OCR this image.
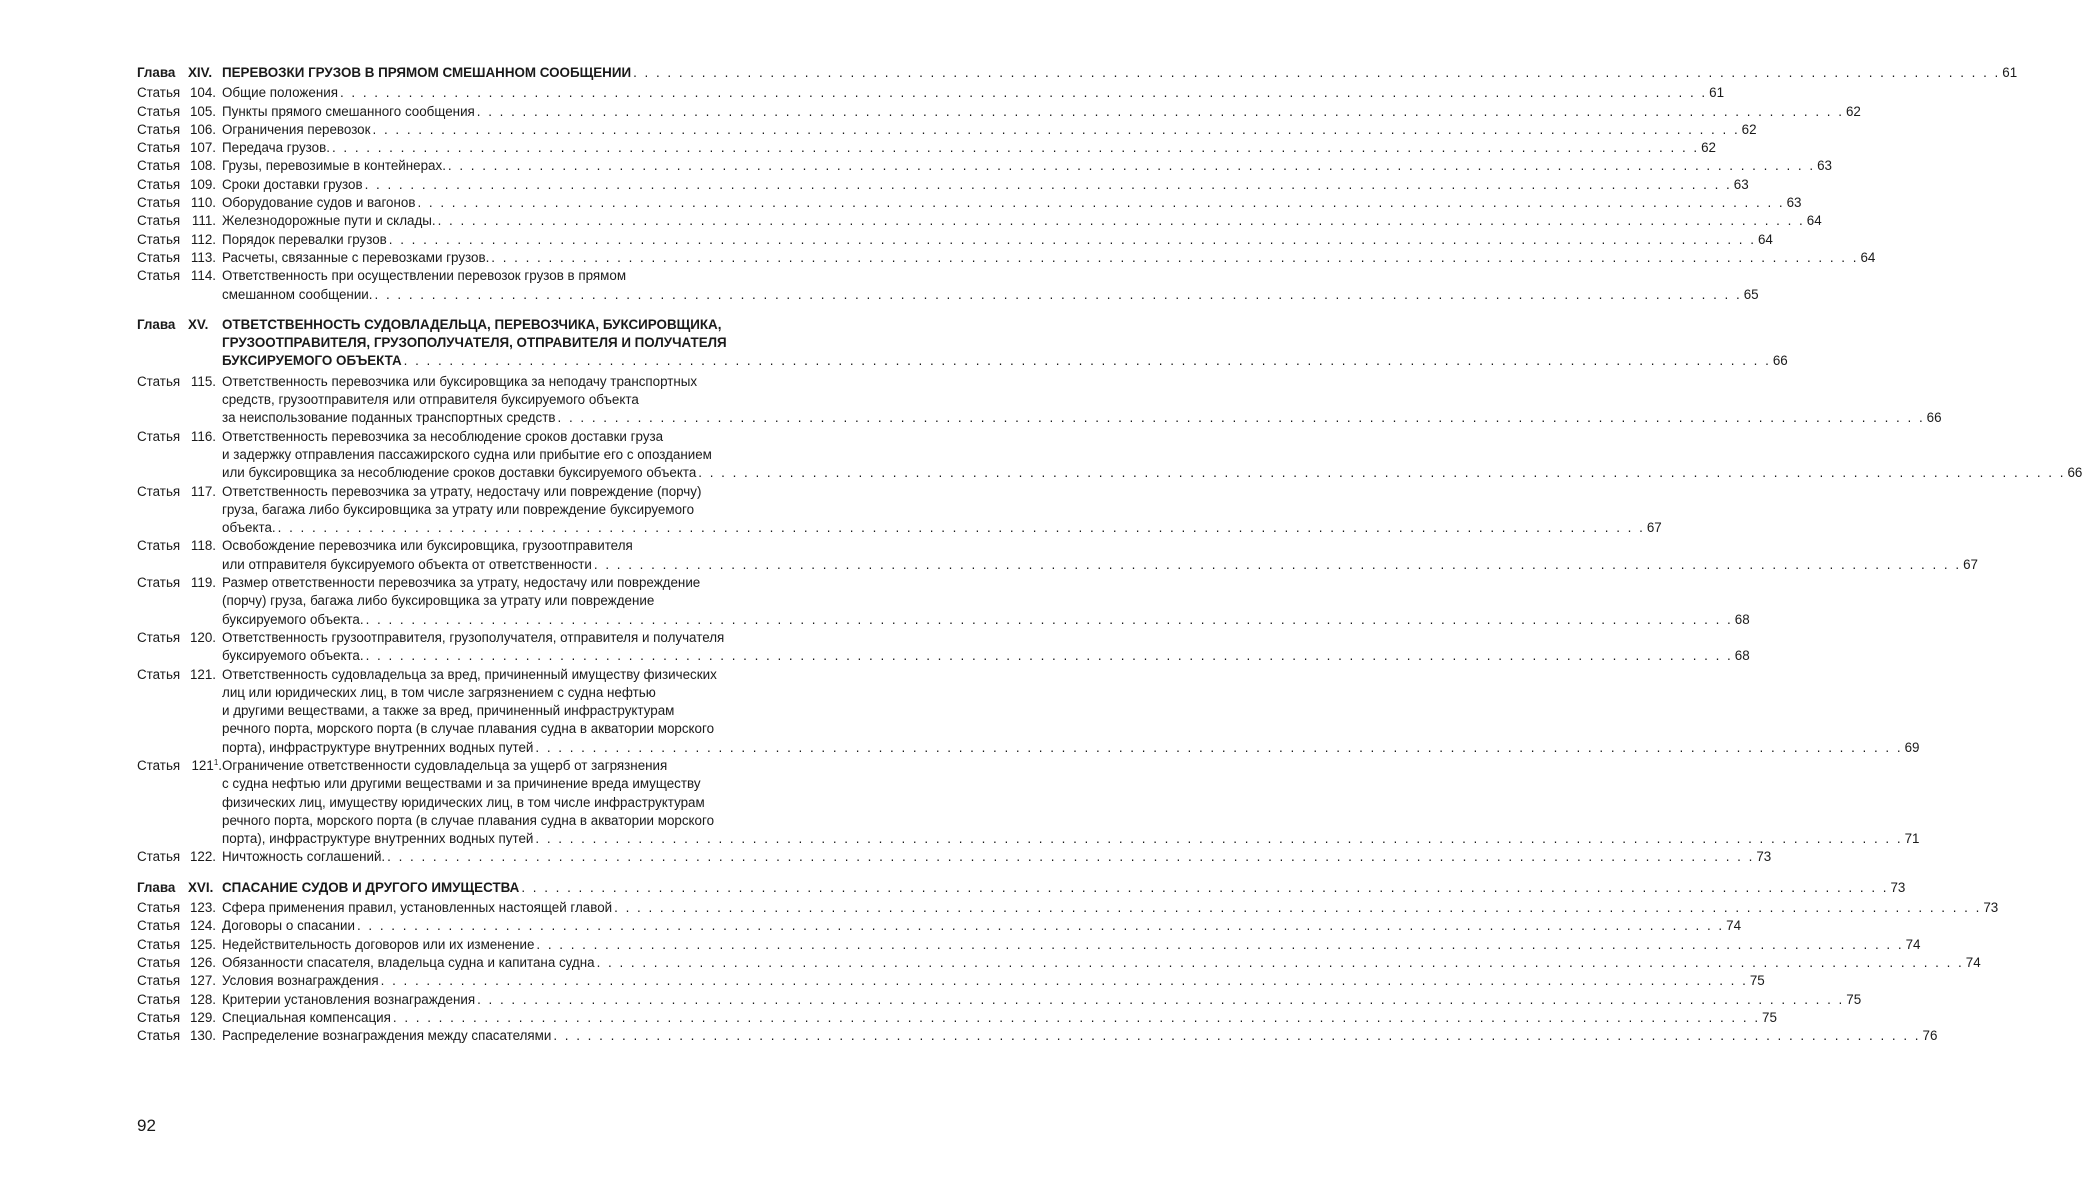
Глава XIV. ПЕРЕВОЗКИ ГРУЗОВ В ПРЯМОМ СМЕШАННОМ СООБЩЕНИИ . . . . . . . . . . . . . . . . . . . . . . . . . . . . . . . . . . . . . . . . . . . . . . . . . . . . . . . . . . . . . . . . . . . . . . . . . . . . . . . . . . . . . . . . . . . . . . . . . . . . . . . . . . . . . . . . . . . . . . . . 61
Статья 104. Общие положения . . . . . . . . . . . . . . . . . . . . . . . . . . . . . . . . . . . . . . . . . . . . . . . . . . . . . . . . . . . . . . . . . . . . . . . . . . . . . . . . . . . . . . . . . . . . . . . . . . . . . . . . . . . . . . . . . . . . . . . . 61
Статья 105. Пункты прямого смешанного сообщения . . . . . . . . . . . . . . . . . . . . . . . . . . . . . . . . . . . . . . . . . . . . . . . . . . . . . . . . . . . . . . . . . . . . . . . . . . . . . . . . . . . . . . . . . . . . . . . . . . . . . . . . . . . . . . . . . . . . . . . . 62
Статья 106. Ограничения перевозок . . . . . . . . . . . . . . . . . . . . . . . . . . . . . . . . . . . . . . . . . . . . . . . . . . . . . . . . . . . . . . . . . . . . . . . . . . . . . . . . . . . . . . . . . . . . . . . . . . . . . . . . . . . . . . . . . . . . . . . . 62
Статья 107. Передача грузов. . . . . . . . . . . . . . . . . . . . . . . . . . . . . . . . . . . . . . . . . . . . . . . . . . . . . . . . . . . . . . . . . . . . . . . . . . . . . . . . . . . . . . . . . . . . . . . . . . . . . . . . . . . . . . . . . . . . . . . . . 62
Статья 108. Грузы, перевозимые в контейнерах. . . . . . . . . . . . . . . . . . . . . . . . . . . . . . . . . . . . . . . . . . . . . . . . . . . . . . . . . . . . . . . . . . . . . . . . . . . . . . . . . . . . . . . . . . . . . . . . . . . . . . . . . . . . . . . . . . . . . . . . . 63
Статья 109. Сроки доставки грузов . . . . . . . . . . . . . . . . . . . . . . . . . . . . . . . . . . . . . . . . . . . . . . . . . . . . . . . . . . . . . . . . . . . . . . . . . . . . . . . . . . . . . . . . . . . . . . . . . . . . . . . . . . . . . . . . . . . . . . . . 63
Статья 110. Оборудование судов и вагонов . . . . . . . . . . . . . . . . . . . . . . . . . . . . . . . . . . . . . . . . . . . . . . . . . . . . . . . . . . . . . . . . . . . . . . . . . . . . . . . . . . . . . . . . . . . . . . . . . . . . . . . . . . . . . . . . . . . . . . . . 63
Статья 111. Железнодорожные пути и склады. . . . . . . . . . . . . . . . . . . . . . . . . . . . . . . . . . . . . . . . . . . . . . . . . . . . . . . . . . . . . . . . . . . . . . . . . . . . . . . . . . . . . . . . . . . . . . . . . . . . . . . . . . . . . . . . . . . . . . . . . 64
Статья 112. Порядок перевалки грузов . . . . . . . . . . . . . . . . . . . . . . . . . . . . . . . . . . . . . . . . . . . . . . . . . . . . . . . . . . . . . . . . . . . . . . . . . . . . . . . . . . . . . . . . . . . . . . . . . . . . . . . . . . . . . . . . . . . . . . . . 64
Статья 113. Расчеты, связанные с перевозками грузов. . . . . . . . . . . . . . . . . . . . . . . . . . . . . . . . . . . . . . . . . . . . . . . . . . . . . . . . . . . . . . . . . . . . . . . . . . . . . . . . . . . . . . . . . . . . . . . . . . . . . . . . . . . . . . . . . . . . . . . . . 64
Статья 114. Ответственность при осуществлении перевозок грузов в прямом
смешанном сообщении. . . . . . . . . . . . . . . . . . . . . . . . . . . . . . . . . . . . . . . . . . . . . . . . . . . . . . . . . . . . . . . . . . . . . . . . . . . . . . . . . . . . . . . . . . . . . . . . . . . . . . . . . . . . . . . . . . . . . . . . . 65
Глава XV. ОТВЕТСТВЕННОСТЬ СУДОВЛАДЕЛЬЦА, ПЕРЕВОЗЧИКА, БУКСИРОВЩИКА,
ГРУЗООТПРАВИТЕЛЯ, ГРУЗОПОЛУЧАТЕЛЯ, ОТПРАВИТЕЛЯ И ПОЛУЧАТЕЛЯ
БУКСИРУЕМОГО ОБЪЕКТА . . . . . . . . . . . . . . . . . . . . . . . . . . . . . . . . . . . . . . . . . . . . . . . . . . . . . . . . . . . . . . . . . . . . . . . . . . . . . . . . . . . . . . . . . . . . . . . . . . . . . . . . . . . . . . . . . . . . . . . . 66
Статья 115. Ответственность перевозчика или буксировщика за неподачу транспортных
средств, грузоотправителя или отправителя буксируемого объекта
за неиспользование поданных транспортных средств . . . . . . . . . . . . . . . . . . . . . . . . . . . . . . . . . . . . . . . . . . . . . . . . . . . . . . . . . . . . . . . . . . . . . . . . . . . . . . . . . . . . . . . . . . . . . . . . . . . . . . . . . . . . . . . . . . . . . . . . 66
Статья 116. Ответственность перевозчика за несоблюдение сроков доставки груза
и задержку отправления пассажирского судна или прибытие его с опозданием
или буксировщика за несоблюдение сроков доставки буксируемого объекта . . . . . . . . . . . . . . . . . . . . . . . . . . . . . . . . . . . . . . . . . . . . . . . . . . . . . . . . . . . . . . . . . . . . . . . . . . . . . . . . . . . . . . . . . . . . . . . . . . . . . . . . . . . . . . . . . . . . . . . . 66
Статья 117. Ответственность перевозчика за утрату, недостачу или повреждение (порчу)
груза, багажа либо буксировщика за утрату или повреждение буксируемого
объекта. . . . . . . . . . . . . . . . . . . . . . . . . . . . . . . . . . . . . . . . . . . . . . . . . . . . . . . . . . . . . . . . . . . . . . . . . . . . . . . . . . . . . . . . . . . . . . . . . . . . . . . . . . . . . . . . . . . . . . . . . 67
Статья 118. Освобождение перевозчика или буксировщика, грузоотправителя
или отправителя буксируемого объекта от ответственности . . . . . . . . . . . . . . . . . . . . . . . . . . . . . . . . . . . . . . . . . . . . . . . . . . . . . . . . . . . . . . . . . . . . . . . . . . . . . . . . . . . . . . . . . . . . . . . . . . . . . . . . . . . . . . . . . . . . . . . . 67
Статья 119. Размер ответственности перевозчика за утрату, недостачу или повреждение
(порчу) груза, багажа либо буксировщика за утрату или повреждение
буксируемого объекта. . . . . . . . . . . . . . . . . . . . . . . . . . . . . . . . . . . . . . . . . . . . . . . . . . . . . . . . . . . . . . . . . . . . . . . . . . . . . . . . . . . . . . . . . . . . . . . . . . . . . . . . . . . . . . . . . . . . . . . . . 68
Статья 120. Ответственность грузоотправителя, грузополучателя, отправителя и получателя
буксируемого объекта. . . . . . . . . . . . . . . . . . . . . . . . . . . . . . . . . . . . . . . . . . . . . . . . . . . . . . . . . . . . . . . . . . . . . . . . . . . . . . . . . . . . . . . . . . . . . . . . . . . . . . . . . . . . . . . . . . . . . . . . . 68
Статья 121. Ответственность судовладельца за вред, причиненный имуществу физических
лиц или юридических лиц, в том числе загрязнением с судна нефтью
и другими веществами, а также за вред, причиненный инфраструктурам
речного порта, морского порта (в случае плавания судна в акватории морского
порта), инфраструктуре внутренних водных путей . . . . . . . . . . . . . . . . . . . . . . . . . . . . . . . . . . . . . . . . . . . . . . . . . . . . . . . . . . . . . . . . . . . . . . . . . . . . . . . . . . . . . . . . . . . . . . . . . . . . . . . . . . . . . . . . . . . . . . . . 69
Статья $121^1$. Ограничение ответственности судовладельца за ущерб от загрязнения
с судна нефтью или другими веществами и за причинение вреда имуществу
физических лиц, имуществу юридических лиц, в том числе инфраструктурам
речного порта, морского порта (в случае плавания судна в акватории морского
порта), инфраструктуре внутренних водных путей . . . . . . . . . . . . . . . . . . . . . . . . . . . . . . . . . . . . . . . . . . . . . . . . . . . . . . . . . . . . . . . . . . . . . . . . . . . . . . . . . . . . . . . . . . . . . . . . . . . . . . . . . . . . . . . . . . . . . . . . 71
Статья 122. Ничтожность соглашений. . . . . . . . . . . . . . . . . . . . . . . . . . . . . . . . . . . . . . . . . . . . . . . . . . . . . . . . . . . . . . . . . . . . . . . . . . . . . . . . . . . . . . . . . . . . . . . . . . . . . . . . . . . . . . . . . . . . . . . . . 73
Глава XVI. СПАСАНИЕ СУДОВ И ДРУГОГО ИМУЩЕСТВА . . . . . . . . . . . . . . . . . . . . . . . . . . . . . . . . . . . . . . . . . . . . . . . . . . . . . . . . . . . . . . . . . . . . . . . . . . . . . . . . . . . . . . . . . . . . . . . . . . . . . . . . . . . . . . . . . . . . . . . . 73
Статья 123. Сфера применения правил, установленных настоящей главой . . . . . . . . . . . . . . . . . . . . . . . . . . . . . . . . . . . . . . . . . . . . . . . . . . . . . . . . . . . . . . . . . . . . . . . . . . . . . . . . . . . . . . . . . . . . . . . . . . . . . . . . . . . . . . . . . . . . . . . . 73
Статья 124. Договоры о спасании . . . . . . . . . . . . . . . . . . . . . . . . . . . . . . . . . . . . . . . . . . . . . . . . . . . . . . . . . . . . . . . . . . . . . . . . . . . . . . . . . . . . . . . . . . . . . . . . . . . . . . . . . . . . . . . . . . . . . . . . 74
Статья 125. Недействительность договоров или их изменение . . . . . . . . . . . . . . . . . . . . . . . . . . . . . . . . . . . . . . . . . . . . . . . . . . . . . . . . . . . . . . . . . . . . . . . . . . . . . . . . . . . . . . . . . . . . . . . . . . . . . . . . . . . . . . . . . . . . . . . . 74
Статья 126. Обязанности спасателя, владельца судна и капитана судна . . . . . . . . . . . . . . . . . . . . . . . . . . . . . . . . . . . . . . . . . . . . . . . . . . . . . . . . . . . . . . . . . . . . . . . . . . . . . . . . . . . . . . . . . . . . . . . . . . . . . . . . . . . . . . . . . . . . . . . . 74
Статья 127. Условия вознаграждения . . . . . . . . . . . . . . . . . . . . . . . . . . . . . . . . . . . . . . . . . . . . . . . . . . . . . . . . . . . . . . . . . . . . . . . . . . . . . . . . . . . . . . . . . . . . . . . . . . . . . . . . . . . . . . . . . . . . . . . . 75
Статья 128. Критерии установления вознаграждения . . . . . . . . . . . . . . . . . . . . . . . . . . . . . . . . . . . . . . . . . . . . . . . . . . . . . . . . . . . . . . . . . . . . . . . . . . . . . . . . . . . . . . . . . . . . . . . . . . . . . . . . . . . . . . . . . . . . . . . . 75
Статья 129. Специальная компенсация . . . . . . . . . . . . . . . . . . . . . . . . . . . . . . . . . . . . . . . . . . . . . . . . . . . . . . . . . . . . . . . . . . . . . . . . . . . . . . . . . . . . . . . . . . . . . . . . . . . . . . . . . . . . . . . . . . . . . . . . 75
Статья 130. Распределение вознаграждения между спасателями . . . . . . . . . . . . . . . . . . . . . . . . . . . . . . . . . . . . . . . . . . . . . . . . . . . . . . . . . . . . . . . . . . . . . . . . . . . . . . . . . . . . . . . . . . . . . . . . . . . . . . . . . . . . . . . . . . . . . . . . 76
92
